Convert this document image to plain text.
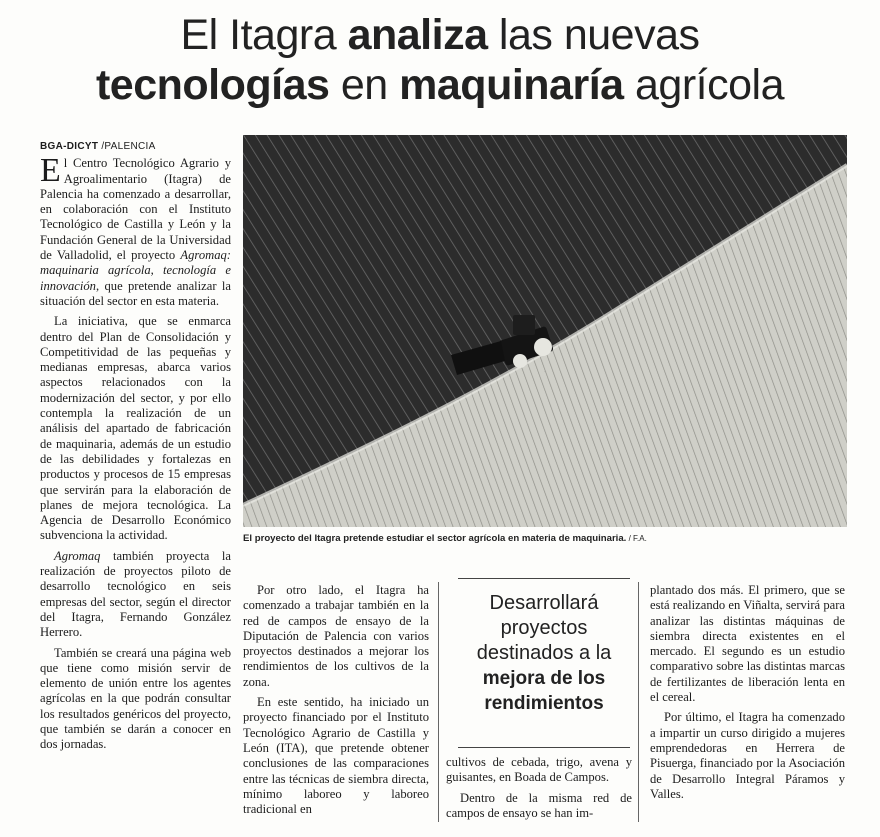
El Itagra analiza las nuevas
tecnologías en maquinaría agrícola
BGA-DICYT /PALENCIA

El Centro Tecnológico Agrario y Agroalimentario (Itagra) de Palencia ha comenzado a desarrollar, en colaboración con el Instituto Tecnológico de Castilla y León y la Fundación General de la Universidad de Valladolid, el proyecto Agromaq: maquinaria agrícola, tecnología e innovación, que pretende analizar la situación del sector en esta materia.

La iniciativa, que se enmarca dentro del Plan de Consolidación y Competitividad de las pequeñas y medianas empresas, abarca varios aspectos relacionados con la modernización del sector, y por ello contempla la realización de un análisis del apartado de fabricación de maquinaria, además de un estudio de las debilidades y fortalezas en productos y procesos de 15 empresas que servirán para la elaboración de planes de mejora tecnológica. La Agencia de Desarrollo Económico subvenciona la actividad.

Agromaq también proyecta la realización de proyectos piloto de desarrollo tecnológico en seis empresas del sector, según el director del Itagra, Fernando González Herrero.

También se creará una página web que tiene como misión servir de elemento de unión entre los agentes agrícolas en la que podrán consultar los resultados genéricos del proyecto, que también se darán a conocer en dos jornadas.

El proyecto del Itagra pretende estudiar el sector agrícola en materia de maquinaria. / F.A.

Por otro lado, el Itagra ha comenzado a trabajar también en la red de campos de ensayo de la Diputación de Palencia con varios proyectos destinados a mejorar los rendimientos de los cultivos de la zona.

En este sentido, ha iniciado un proyecto financiado por el Instituto Tecnológico Agrario de Castilla y León (ITA), que pretende obtener conclusiones de las comparaciones entre las técnicas de siembra directa, mínimo laboreo y laboreo tradicional en

Desarrollará proyectos destinados a la
mejora de los rendimientos

cultivos de cebada, trigo, avena y guisantes, en Boada de Campos.

Dentro de la misma red de campos de ensayo se han im-

plantado dos más. El primero, que se está realizando en Viñalta, servirá para analizar las distintas máquinas de siembra directa existentes en el mercado. El segundo es un estudio comparativo sobre las distintas marcas de fertilizantes de liberación lenta en el cereal.

Por último, el Itagra ha comenzado a impartir un curso dirigido a mujeres emprendedoras en Herrera de Pisuerga, financiado por la Asociación de Desarrollo Integral Páramos y Valles.
